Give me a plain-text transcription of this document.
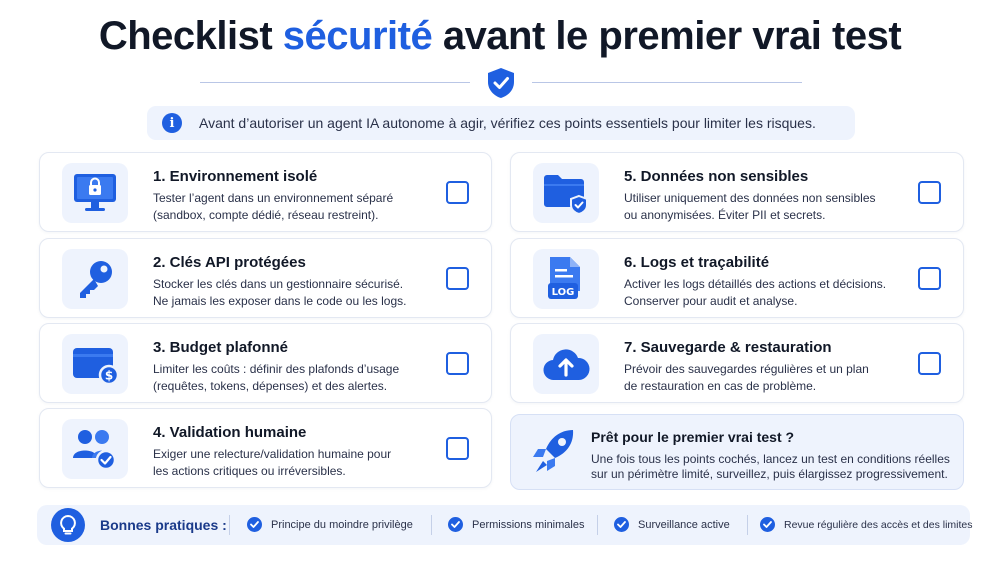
Checklist sécurité avant le premier vrai test
i	Avant d’autoriser un agent IA autonome à agir, vérifiez ces points essentiels pour limiter les risques.
1. Environnement isolé
Tester l’agent dans un environnement séparé
(sandbox, compte dédié, réseau restreint).
2. Clés API protégées
Stocker les clés dans un gestionnaire sécurisé.
Ne jamais les exposer dans le code ou les logs.
$
3. Budget plafonné
Limiter les coûts : définir des plafonds d’usage
(requêtes, tokens, dépenses) et des alertes.
4. Validation humaine
Exiger une relecture/validation humaine pour
les actions critiques ou irréversibles.
5. Données non sensibles
Utiliser uniquement des données non sensibles
ou anonymisées. Éviter PII et secrets.
LOG
6. Logs et traçabilité
Activer les logs détaillés des actions et décisions.
Conserver pour audit et analyse.
7. Sauvegarde & restauration
Prévoir des sauvegardes régulières et un plan
de restauration en cas de problème.
Prêt pour le premier vrai test ?
Une fois tous les points cochés, lancez un test en conditions réelles
sur un périmètre limité, surveillez, puis élargissez progressivement.
Bonnes pratiques :	Principe du moindre privilège	Permissions minimales	Surveillance active	Revue régulière des accès et des limites
